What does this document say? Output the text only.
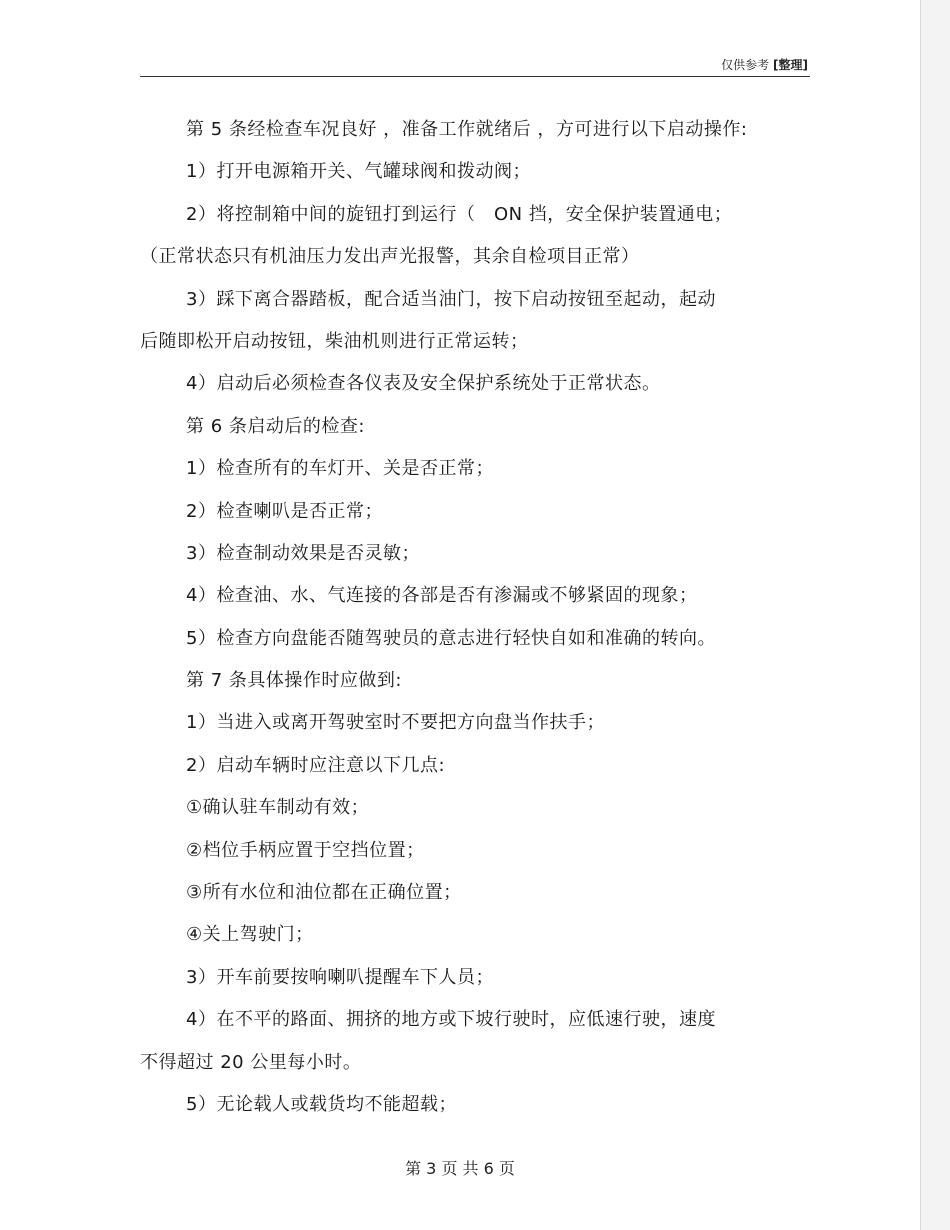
仅供参考 [整理]
第 5 条经检查车况良好 ，准备工作就绪后 ，方可进行以下启动操作:
1）打开电源箱开关、气罐球阀和拨动阀；
2）将控制箱中间的旋钮打到运行（　ON 挡，安全保护装置通电；
（正常状态只有机油压力发出声光报警，其余自检项目正常）
3）踩下离合器踏板，配合适当油门，按下启动按钮至起动，起动
后随即松开启动按钮，柴油机则进行正常运转；
4）启动后必须检查各仪表及安全保护系统处于正常状态。
第 6 条启动后的检查:
1）检查所有的车灯开、关是否正常；
2）检查喇叭是否正常；
3）检查制动效果是否灵敏；
4）检查油、水、气连接的各部是否有渗漏或不够紧固的现象；
5）检查方向盘能否随驾驶员的意志进行轻快自如和准确的转向。
第 7 条具体操作时应做到:
1）当进入或离开驾驶室时不要把方向盘当作扶手；
2）启动车辆时应注意以下几点:
①确认驻车制动有效；
②档位手柄应置于空挡位置；
③所有水位和油位都在正确位置；
④关上驾驶门；
3）开车前要按响喇叭提醒车下人员；
4）在不平的路面、拥挤的地方或下坡行驶时，应低速行驶，速度
不得超过 20 公里每小时。
5）无论载人或载货均不能超载；
第 3 页 共 6 页
